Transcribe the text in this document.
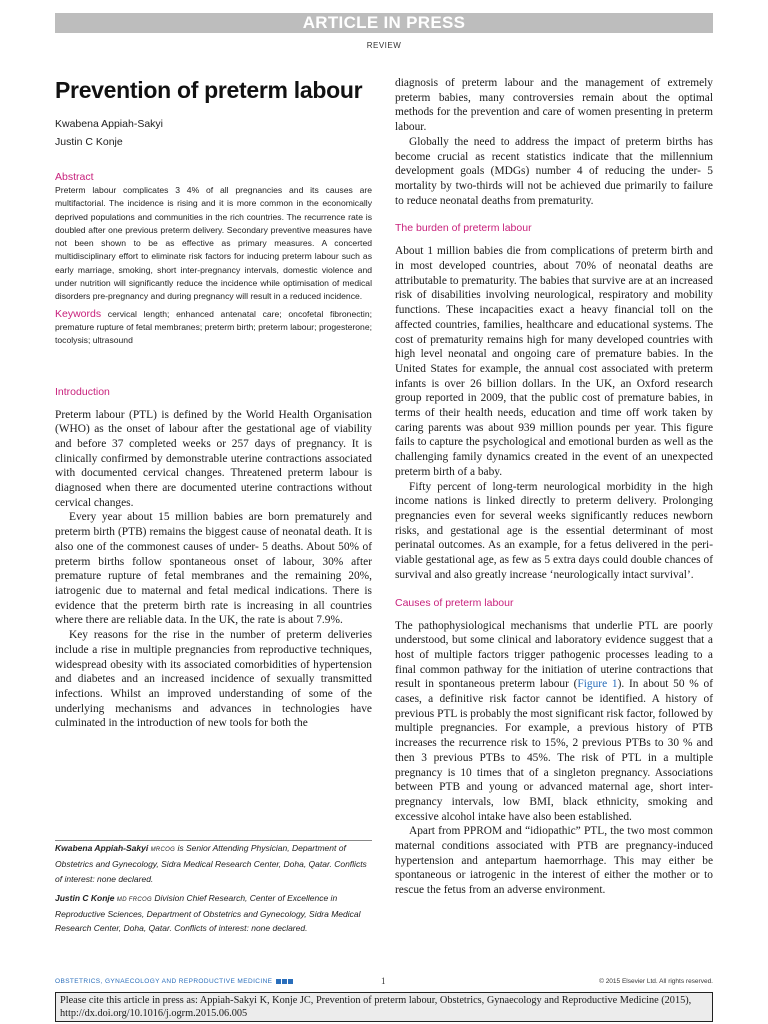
ARTICLE IN PRESS
REVIEW
Prevention of preterm labour
Kwabena Appiah-Sakyi
Justin C Konje
Abstract

Preterm labour complicates 3 4% of all pregnancies and its causes are multifactorial. The incidence is rising and it is more common in the economically deprived populations and communities in the rich countries. The recurrence rate is doubled after one previous preterm delivery. Secondary preventive measures have not been shown to be as effective as primary measures. A concerted multidisciplinary effort to eliminate risk factors for inducing preterm labour such as early marriage, smoking, short inter-pregnancy intervals, domestic violence and under nutrition will significantly reduce the incidence while optimisation of medical disorders pre-pregnancy and during pregnancy will result in a reduced incidence.

Keywords cervical length; enhanced antenatal care; oncofetal fibronectin; premature rupture of fetal membranes; preterm birth; preterm labour; progesterone; tocolysis; ultrasound

Introduction

Preterm labour (PTL) is defined by the World Health Organisation (WHO) as the onset of labour after the gestational age of viability and before 37 completed weeks or 257 days of pregnancy. It is clinically confirmed by demonstrable uterine contractions associated with documented cervical changes. Threatened preterm labour is diagnosed when there are documented uterine contractions without cervical changes.

Every year about 15 million babies are born prematurely and preterm birth (PTB) remains the biggest cause of neonatal death. It is also one of the commonest causes of under- 5 deaths. About 50% of preterm births follow spontaneous onset of labour, 30% after premature rupture of fetal membranes and the remaining 20%, iatrogenic due to maternal and fetal medical indications. There is evidence that the preterm birth rate is increasing in all countries where there are reliable data. In the UK, the rate is about 7.9%.

Key reasons for the rise in the number of preterm deliveries include a rise in multiple pregnancies from reproductive techniques, widespread obesity with its associated comorbidities of hypertension and diabetes and an increased incidence of sexually transmitted infections. Whilst an improved understanding of some of the underlying mechanisms and advances in technologies have culminated in the introduction of new tools for both the

diagnosis of preterm labour and the management of extremely preterm babies, many controversies remain about the optimal methods for the prevention and care of women presenting in preterm labour.

Globally the need to address the impact of preterm births has become crucial as recent statistics indicate that the millennium development goals (MDGs) number 4 of reducing the under- 5 mortality by two-thirds will not be achieved due primarily to failure to reduce neonatal deaths from prematurity.

The burden of preterm labour

About 1 million babies die from complications of preterm birth and in most developed countries, about 70% of neonatal deaths are attributable to prematurity. The babies that survive are at an increased risk of disabilities involving neurological, respiratory and mobility functions. These incapacities exact a heavy financial toll on the affected countries, families, healthcare and educational systems. The cost of prematurity remains high for many developed countries with high level neonatal and ongoing care of premature babies. In the United States for example, the annual cost associated with preterm infants is over 26 billion dollars. In the UK, an Oxford research group reported in 2009, that the public cost of premature babies, in terms of their health needs, education and time off work taken by caring parents was about 939 million pounds per year. This figure fails to capture the psychological and emotional burden as well as the challenging family dynamics created in the event of an unexpected preterm birth of a baby.

Fifty percent of long-term neurological morbidity in the high income nations is linked directly to preterm delivery. Prolonging pregnancies even for several weeks significantly reduces newborn risks, and gestational age is the essential determinant of most perinatal outcomes. As an example, for a fetus delivered in the peri-viable gestational age, as few as 5 extra days could double chances of survival and also greatly increase ‘neurologically intact survival’.

Causes of preterm labour

The pathophysiological mechanisms that underlie PTL are poorly understood, but some clinical and laboratory evidence suggest that a host of multiple factors trigger pathogenic processes leading to a final common pathway for the initiation of uterine contractions that result in spontaneous preterm labour (Figure 1). In about 50 % of cases, a definitive risk factor cannot be identified. A history of previous PTL is probably the most significant risk factor, followed by multiple pregnancies. For example, a previous history of PTB increases the recurrence risk to 15%, 2 previous PTBs to 30 % and then 3 previous PTBs to 45%. The risk of PTL in a multiple pregnancy is 10 times that of a singleton pregnancy. Associations between PTB and young or advanced maternal age, short inter-pregnancy intervals, low BMI, black ethnicity, smoking and excessive alcohol intake have also been established.

Apart from PPROM and “idiopathic” PTL, the two most common maternal conditions associated with PTB are pregnancy-induced hypertension and antepartum haemorrhage. This may either be spontaneous or iatrogenic in the interest of either the mother or to rescue the fetus from an adverse environment.

Kwabena Appiah-Sakyi MRCOG is Senior Attending Physician, Department of Obstetrics and Gynecology, Sidra Medical Research Center, Doha, Qatar. Conflicts of interest: none declared.

Justin C Konje MD FRCOG Division Chief Research, Center of Excellence in Reproductive Sciences, Department of Obstetrics and Gynecology, Sidra Medical Research Center, Doha, Qatar. Conflicts of interest: none declared.

OBSTETRICS, GYNAECOLOGY AND REPRODUCTIVE MEDICINE	1	© 2015 Elsevier Ltd. All rights reserved.
Please cite this article in press as: Appiah-Sakyi K, Konje JC, Prevention of preterm labour, Obstetrics, Gynaecology and Reproductive Medicine (2015), http://dx.doi.org/10.1016/j.ogrm.2015.06.005
